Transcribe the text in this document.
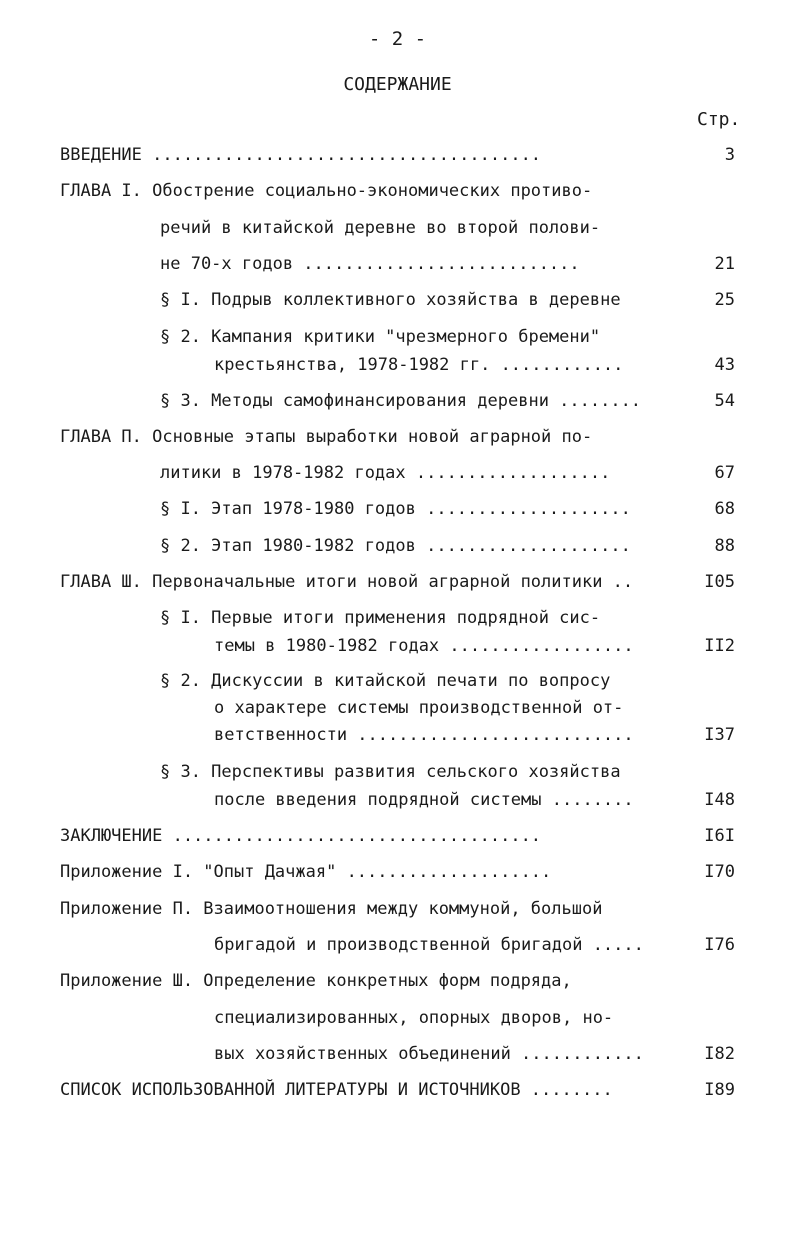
- 2 -
СОДЕРЖАНИЕ
Стр.
ВВЕДЕНИЕ ......................................	3
ГЛАВА I. Обострение социально-экономических противо-
речий в китайской деревне во второй полови-
не 70-х годов ...........................	21
§ I. Подрыв коллективного хозяйства в деревне	25
§ 2. Кампания критики "чрезмерного бремени"
крестьянства, 1978-1982 гг. ............	43
§ 3. Методы самофинансирования деревни ........	54
ГЛАВА П. Основные этапы выработки новой аграрной по-
литики в 1978-1982 годах ...................	67
§ I. Этап 1978-1980 годов ....................	68
§ 2. Этап 1980-1982 годов ....................	88
ГЛАВА Ш. Первоначальные итоги новой аграрной политики ..	I05
§ I. Первые итоги применения подрядной сис-
темы в 1980-1982 годах ..................	II2
§ 2. Дискуссии в китайской печати по вопросу
о характере системы производственной от-
ветственности ...........................	I37
§ 3. Перспективы развития сельского хозяйства
после введения подрядной системы ........	I48
ЗАКЛЮЧЕНИЕ ....................................	I6I
Приложение I. "Опыт Дачжая" ....................	I70
Приложение П. Взаимоотношения между коммуной, большой
бригадой и производственной бригадой .....	I76
Приложение Ш. Определение конкретных форм подряда,
специализированных, опорных дворов, но-
вых хозяйственных объединений ............	I82
СПИСОК ИСПОЛЬЗОВАННОЙ ЛИТЕРАТУРЫ И ИСТОЧНИКОВ ........	I89
